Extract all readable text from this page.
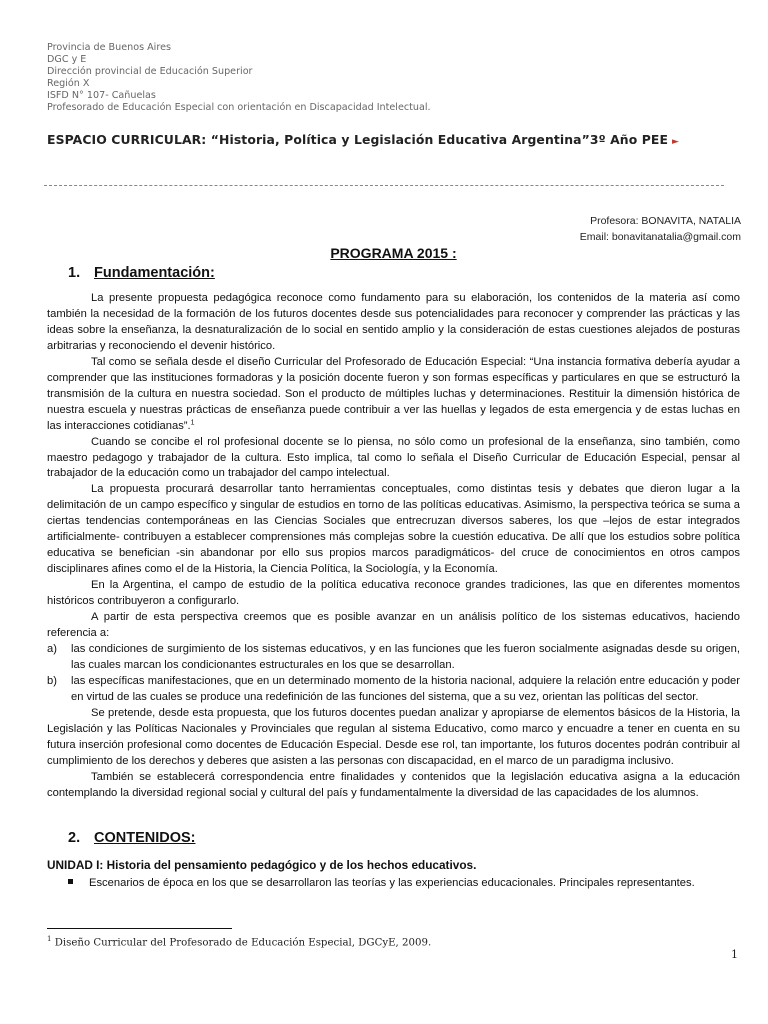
Provincia de Buenos Aires
DGC y E
Dirección provincial de Educación Superior
Región X
ISFD N° 107- Cañuelas
Profesorado de Educación Especial con orientación en Discapacidad Intelectual.
ESPACIO CURRICULAR: “Historia, Política y Legislación Educativa Argentina”3º Año PEE ►
Profesora: BONAVITA, NATALIA
Email: bonavitanatalia@gmail.com
PROGRAMA 2015 :
1. Fundamentación:

La presente propuesta pedagógica reconoce como fundamento para su elaboración, los contenidos de la materia así como también la necesidad de la formación de los futuros docentes desde sus potencialidades para reconocer y comprender las prácticas y las ideas sobre la enseñanza, la desnaturalización de lo social en sentido amplio y la consideración de estas cuestiones alejados de posturas arbitrarias y reconociendo el devenir histórico.

Tal como se señala desde el diseño Curricular del Profesorado de Educación Especial: “Una instancia formativa debería ayudar a comprender que las instituciones formadoras y la posición docente fueron y son formas específicas y particulares en que se estructuró la transmisión de la cultura en nuestra sociedad. Son el producto de múltiples luchas y determinaciones. Restituir la dimensión histórica de nuestra escuela y nuestras prácticas de enseñanza puede contribuir a ver las huellas y legados de esta emergencia y de estas luchas en las interacciones cotidianas”.$^1$

Cuando se concibe el rol profesional docente se lo piensa, no sólo como un profesional de la enseñanza, sino también, como maestro pedagogo y trabajador de la cultura. Esto implica, tal como lo señala el Diseño Curricular de Educación Especial, pensar al trabajador de la educación como un trabajador del campo intelectual.

La propuesta procurará desarrollar tanto herramientas conceptuales, como distintas tesis y debates que dieron lugar a la delimitación de un campo específico y singular de estudios en torno de las políticas educativas. Asimismo, la perspectiva teórica se suma a ciertas tendencias contemporáneas en las Ciencias Sociales que entrecruzan diversos saberes, los que –lejos de estar integrados artificialmente- contribuyen a establecer comprensiones más complejas sobre la cuestión educativa. De allí que los estudios sobre política educativa se benefician -sin abandonar por ello sus propios marcos paradigmáticos- del cruce de conocimientos en otros campos disciplinares afines como el de la Historia, la Ciencia Política, la Sociología, y la Economía.

En la Argentina, el campo de estudio de la política educativa reconoce grandes tradiciones, las que en diferentes momentos históricos contribuyeron a configurarlo.

A partir de esta perspectiva creemos que es posible avanzar en un análisis político de los sistemas educativos, haciendo referencia a:

a) las condiciones de surgimiento de los sistemas educativos, y en las funciones que les fueron socialmente asignadas desde su origen, las cuales marcan los condicionantes estructurales en los que se desarrollan.

b) las específicas manifestaciones, que en un determinado momento de la historia nacional, adquiere la relación entre educación y poder en virtud de las cuales se produce una redefinición de las funciones del sistema, que a su vez, orientan las políticas del sector.

Se pretende, desde esta propuesta, que los futuros docentes puedan analizar y apropiarse de elementos básicos de la Historia, la Legislación y las Políticas Nacionales y Provinciales que regulan al sistema Educativo, como marco y encuadre a tener en cuenta en su futura inserción profesional como docentes de Educación Especial. Desde ese rol, tan importante, los futuros docentes podrán contribuir al cumplimiento de los derechos y deberes que asisten a las personas con discapacidad, en el marco de un paradigma inclusivo.

También se establecerá correspondencia entre finalidades y contenidos que la legislación educativa asigna a la educación contemplando la diversidad regional social y cultural del país y fundamentalmente la diversidad de las capacidades de los alumnos.

2. CONTENIDOS:
UNIDAD I: Historia del pensamiento pedagógico y de los hechos educativos.
Escenarios de época en los que se desarrollaron las teorías y las experiencias educacionales. Principales representantes.
$^1$ Diseño Curricular del Profesorado de Educación Especial, DGCyE, 2009.
1
